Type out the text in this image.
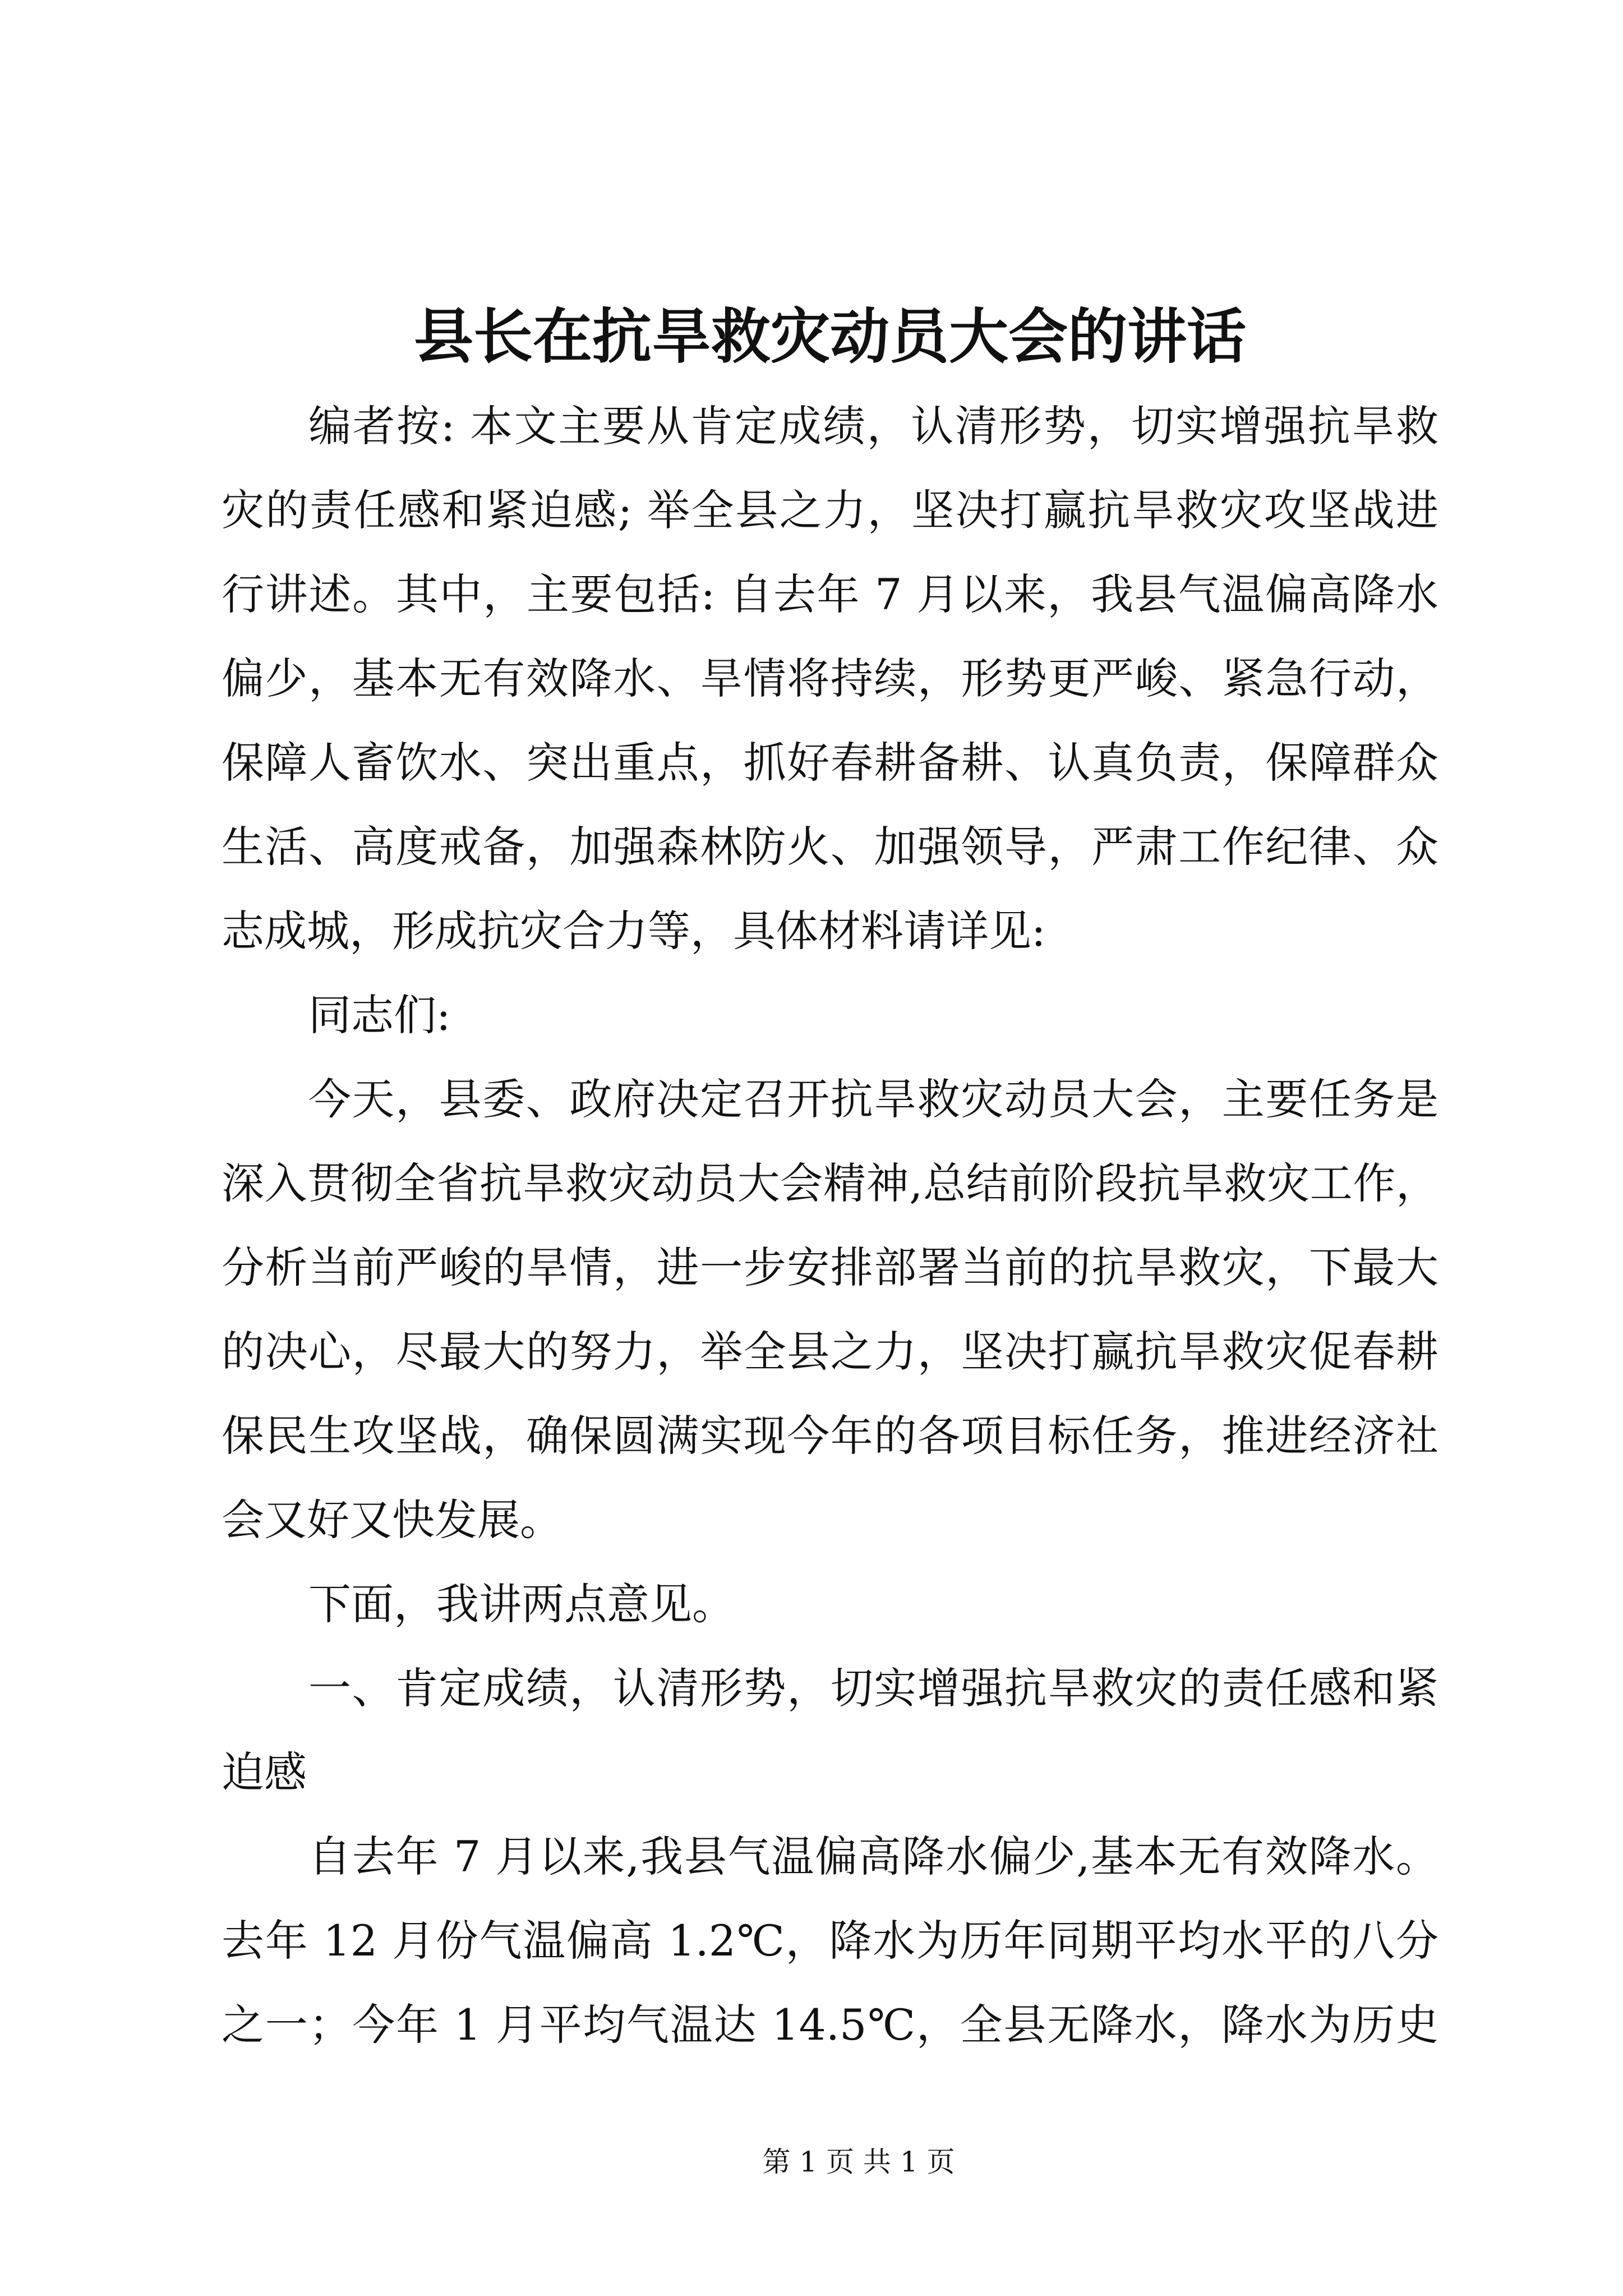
县长在抗旱救灾动员大会的讲话
编者按: 本文主要从肯定成绩，认清形势，切实增强抗旱救
灾的责任感和紧迫感; 举全县之力，坚决打赢抗旱救灾攻坚战进
行讲述。其中，主要包括: 自去年 7 月以来，我县气温偏高降水
偏少，基本无有效降水、旱情将持续，形势更严峻、紧急行动，
保障人畜饮水、突出重点，抓好春耕备耕、认真负责，保障群众
生活、高度戒备，加强森林防火、加强领导，严肃工作纪律、众
志成城，形成抗灾合力等，具体材料请详见:
同志们:
今天，县委、政府决定召开抗旱救灾动员大会，主要任务是
深入贯彻全省抗旱救灾动员大会精神,总结前阶段抗旱救灾工作，
分析当前严峻的旱情，进一步安排部署当前的抗旱救灾，下最大
的决心，尽最大的努力，举全县之力，坚决打赢抗旱救灾促春耕
保民生攻坚战，确保圆满实现今年的各项目标任务，推进经济社
会又好又快发展。
下面，我讲两点意见。
一、肯定成绩，认清形势，切实增强抗旱救灾的责任感和紧
迫感
自去年 7 月以来,我县气温偏高降水偏少,基本无有效降水。
去年 12 月份气温偏高 1.2℃，降水为历年同期平均水平的八分
之一；今年 1 月平均气温达 14.5℃，全县无降水，降水为历史
第 1 页 共 1 页
